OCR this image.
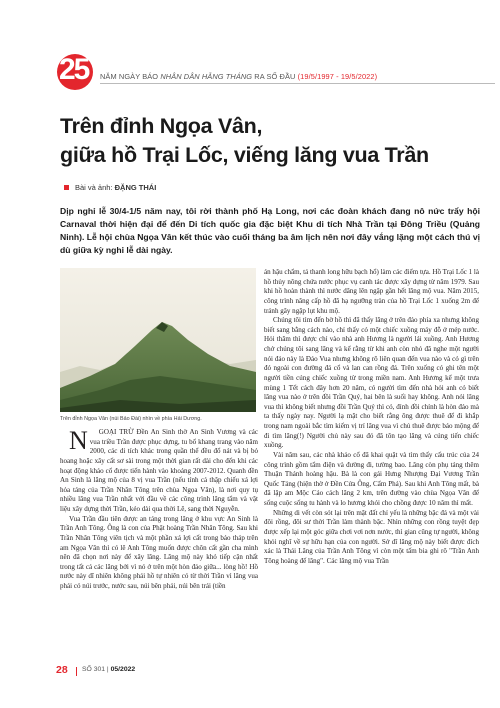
25 NĂM NGÀY BÁO NHÂN DÂN HẰNG THÁNG RA SỐ ĐẦU (19/5/1997 - 19/5/2022)
Trên đỉnh Ngọa Vân,
giữa hồ Trại Lốc, viếng lăng vua Trần
Bài và ảnh: ĐẶNG THÁI
Dịp nghỉ lễ 30/4-1/5 năm nay, tôi rời thành phố Hạ Long, nơi các đoàn khách đang nô nức trẩy hội Carnaval thời hiện đại để đến Di tích quốc gia đặc biệt Khu di tích Nhà Trần tại Đông Triều (Quảng Ninh). Lễ hội chùa Ngọa Vân kết thúc vào cuối tháng ba âm lịch nên nơi đây vắng lặng một cách thú vị dù giữa kỳ nghỉ lễ dài ngày.
Trên đỉnh Ngọa Vân (núi Bảo Đài) nhìn về phía Hải Dương.

N GOẠI TRỪ Đền An Sinh thờ An Sinh Vương và các vua triều Trần được phục dựng, tu bổ khang trang vào năm 2000, các di tích khác trong quần thể đều đổ nát và bị bỏ hoang hoặc xây cất sơ sài trong một thời gian rất dài cho đến khi các hoạt động khảo cổ được tiến hành vào khoảng 2007-2012. Quanh đền An Sinh là lăng mộ của 8 vị vua Trần (nếu tính cả thập chiếu xá lợi hỏa táng của Trần Nhân Tông trên chùa Ngọa Vân), là nơi quy tụ nhiều lăng vua Trần nhất với đầu về các công trình lăng tẩm và vật liệu xây dựng thời Trần, kéo dài qua thời Lê, sang thời Nguyễn.

Vua Trần đầu tiên được an táng trong lăng ở khu vực An Sinh là Trần Anh Tông. Ông là con của Phật hoàng Trần Nhân Tông. Sau khi Trần Nhân Tông viên tịch và một phần xá lợi cất trong bảo tháp trên am Ngọa Vân thì có lẽ Anh Tông muốn được chôn cất gần cha mình nên đã chọn nơi này để xây lăng. Lăng mộ này khó tiếp cận nhất trong tất cả các lăng bởi vì nó ở trên một hòn đảo giữa... lòng hồ! Hồ nước này dĩ nhiên không phải hồ tự nhiên có từ thời Trần vì lăng vua phải có núi trước, nước sau, núi bên phải, núi bên trái (tiền

án hậu chẩm, tả thanh long hữu bạch hổ) làm các điểm tựa. Hồ Trại Lốc 1 là hồ thủy nông chứa nước phục vụ canh tác được xây dựng từ năm 1979. Sau khi hồ hoàn thành thì nước dâng lên ngập gần hết lăng mộ vua. Năm 2015, công trình nâng cấp hồ đã hạ ngưỡng tràn của hồ Trại Lốc 1 xuống 2m để tránh gây ngập lụt khu mộ.

Chúng tôi tìm đến bờ hồ thì đã thấy lăng ở trên đảo phía xa nhưng không biết sang bằng cách nào, chỉ thấy có một chiếc xuồng máy đỗ ở mép nước. Hỏi thăm thì được chỉ vào nhà anh Hương là người lái xuồng. Anh Hương chở chúng tôi sang lăng và kể rằng từ khi anh còn nhỏ đã nghe một người nói đảo này là Đảo Vua nhưng không rõ liên quan đến vua nào và có gì trên đó ngoài con đường đá cổ và lan can rồng đá. Trên xuống có ghi tên một người tiền cúng chiếc xuồng từ trong miền nam. Anh Hương kể một trưa mùng 1 Tết cách đây hơn 20 năm, có người tìm đến nhà hỏi anh có biết lăng vua nào ở trên đồi Trần Quý, hai bên là suối hay không. Anh nói lăng vua thì không biết nhưng đồi Trần Quý thì có, đỉnh đồi chính là hòn đảo mà ta thấy ngày nay. Người lạ mặt cho biết rằng ông được thuê để đi khắp trong nam ngoài bắc tìm kiếm vị trí lăng vua vì chủ thuê được báo mộng để đi tìm lăng(!) Người chủ này sau đó đã tôn tạo lăng và cúng tiến chiếc xuồng.

Vài năm sau, các nhà khảo cổ đã khai quật và tìm thấy cấu trúc của 24 công trình gồm tẩm điện và đường đi, tường bao. Lăng còn phụ táng thêm Thuận Thánh hoàng hậu. Bà là con gái Hưng Nhượng Đại Vương Trần Quốc Tảng (hiện thờ ở Đền Cửa Ông, Cẩm Phả). Sau khi Anh Tông mất, bà đã lập am Mộc Cảo cách lăng 2 km, trên đường vào chùa Ngọa Vân để sống cuộc sống tu hành và lo hương khói cho chồng được 10 năm thì mất.

Những di vết còn sót lại trên mặt đất chỉ yếu là những bậc đá và một vài đôi rồng, đôi sư thời Trần làm thành bậc. Nhìn những con rồng tuyệt đẹp được xếp lại một góc giữa chơi vơi nơn nước, thì gian cũng tự người, không khỏi nghĩ về sự hữu hạn của con người. Sở dĩ lăng mộ này biết được đích xác là Thái Lăng của Trần Anh Tông vì còn một tấm bia ghi rõ "Trần Anh Tông hoàng đế lăng". Các lăng mộ vua Trần

28 SỐ 301 | 05/2022
